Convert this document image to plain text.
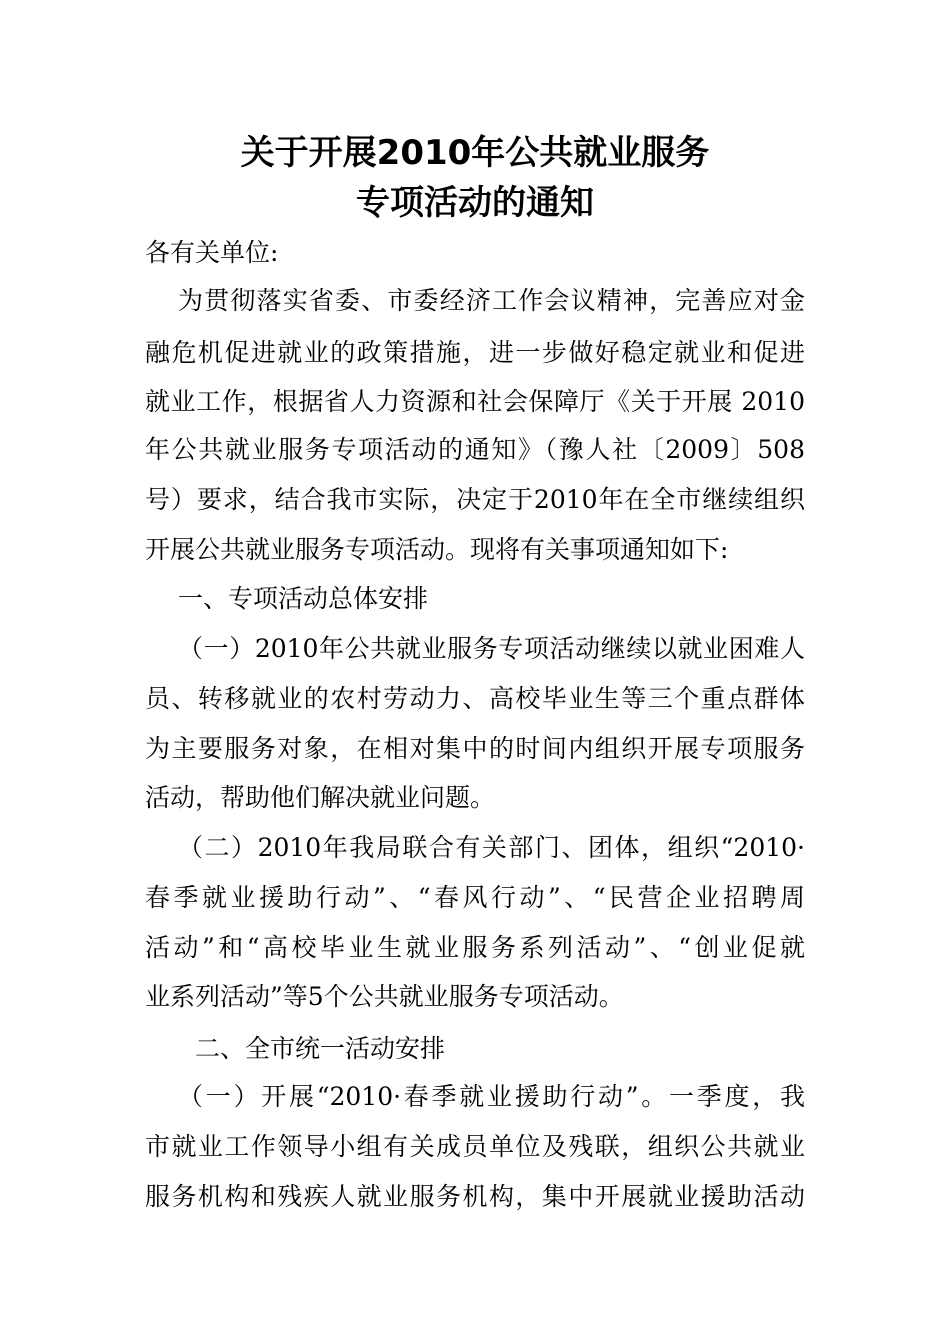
关于开展2010年公共就业服务
专项活动的通知
各有关单位:
为贯彻落实省委、市委经济工作会议精神，完善应对金
融危机促进就业的政策措施，进一步做好稳定就业和促进
就业工作，根据省人力资源和社会保障厅《关于开展 2010
年公共就业服务专项活动的通知》（豫人社〔2009〕508
号）要求，结合我市实际，决定于2010年在全市继续组织
开展公共就业服务专项活动。现将有关事项通知如下:
一、专项活动总体安排
（一）2010年公共就业服务专项活动继续以就业困难人
员、转移就业的农村劳动力、高校毕业生等三个重点群体
为主要服务对象，在相对集中的时间内组织开展专项服务
活动，帮助他们解决就业问题。
（二）2010年我局联合有关部门、团体，组织“2010·
春季就业援助行动”、“春风行动”、“民营企业招聘周
活动”和“高校毕业生就业服务系列活动”、“创业促就
业系列活动”等5个公共就业服务专项活动。
二、全市统一活动安排
（一）开展“2010·春季就业援助行动”。一季度，我
市就业工作领导小组有关成员单位及残联，组织公共就业
服务机构和残疾人就业服务机构，集中开展就业援助活动
